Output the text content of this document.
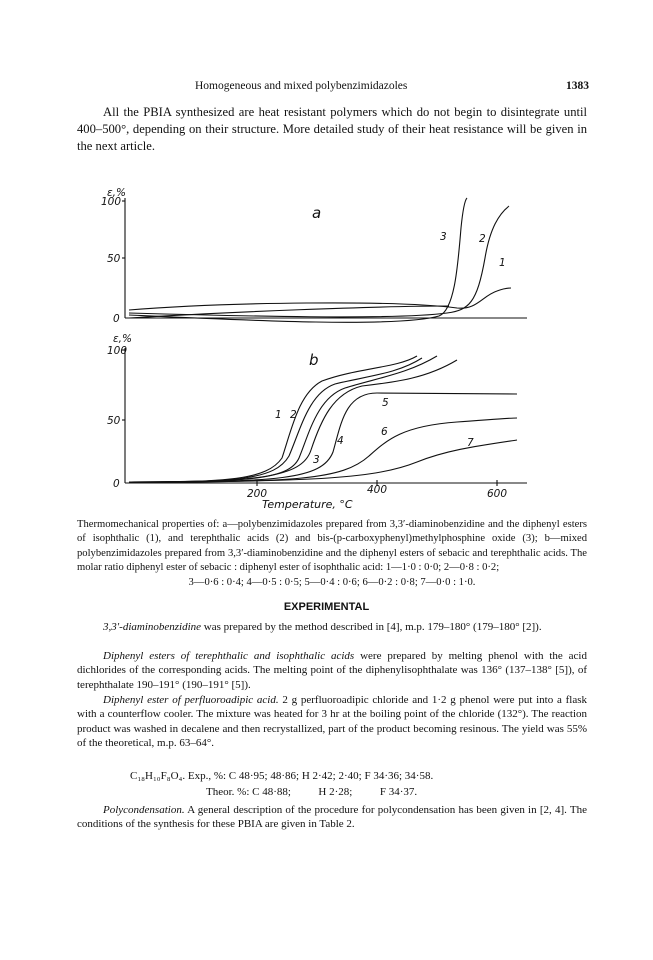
Homogeneous and mixed polybenzimidazoles	1383

All the PBIA synthesized are heat resistant polymers which do not begin to disintegrate until 400–500°, depending on their structure. More detailed study of their heat resistance will be given in the next article.

ε,%
100
50
0
a
3	2
1
ε,%
100
50
0
b
1 2
5
6
4
3
7
200	400	600
Temperature, °C

Thermomechanical properties of: a—polybenzimidazoles prepared from 3,3′-diaminobenzidine and the diphenyl esters of isophthalic (1), and terephthalic acids (2) and bis-(p-carboxyphenyl)methylphosphine oxide (3); b—mixed polybenzimidazoles prepared from 3,3′-diaminobenzidine and the diphenyl esters of sebacic and terephthalic acids. The molar ratio diphenyl ester of sebacic : diphenyl ester of isophthalic acid: 1—1·0 : 0·0; 2—0·8 : 0·2;
3—0·6 : 0·4; 4—0·5 : 0·5; 5—0·4 : 0·6; 6—0·2 : 0·8; 7—0·0 : 1·0.

EXPERIMENTAL

3,3′-diaminobenzidine was prepared by the method described in [4], m.p. 179–180° (179–180° [2]).

Diphenyl esters of terephthalic and isophthalic acids were prepared by melting phenol with the acid dichlorides of the corresponding acids. The melting point of the diphenylisophthalate was 136° (137–138° [5]), of terephthalate 190–191° (190–191° [5]).

Diphenyl ester of perfluoroadipic acid. 2 g perfluoroadipic chloride and 1·2 g phenol were put into a flask with a counterflow cooler. The mixture was heated for 3 hr at the boiling point of the chloride (132°). The reaction product was washed in decalene and then recrystallized, part of the product becoming resinous. The yield was 55% of the theoretical, m.p. 63–64°.

C₁₈H₁₀F₈O₄. Exp., %: C 48·95; 48·86; H 2·42; 2·40; F 34·36; 34·58.
Theor. %: C 48·88;          H 2·28;          F 34·37.

Polycondensation. A general description of the procedure for polycondensation has been given in [2, 4]. The conditions of the synthesis for these PBIA are given in Table 2.
